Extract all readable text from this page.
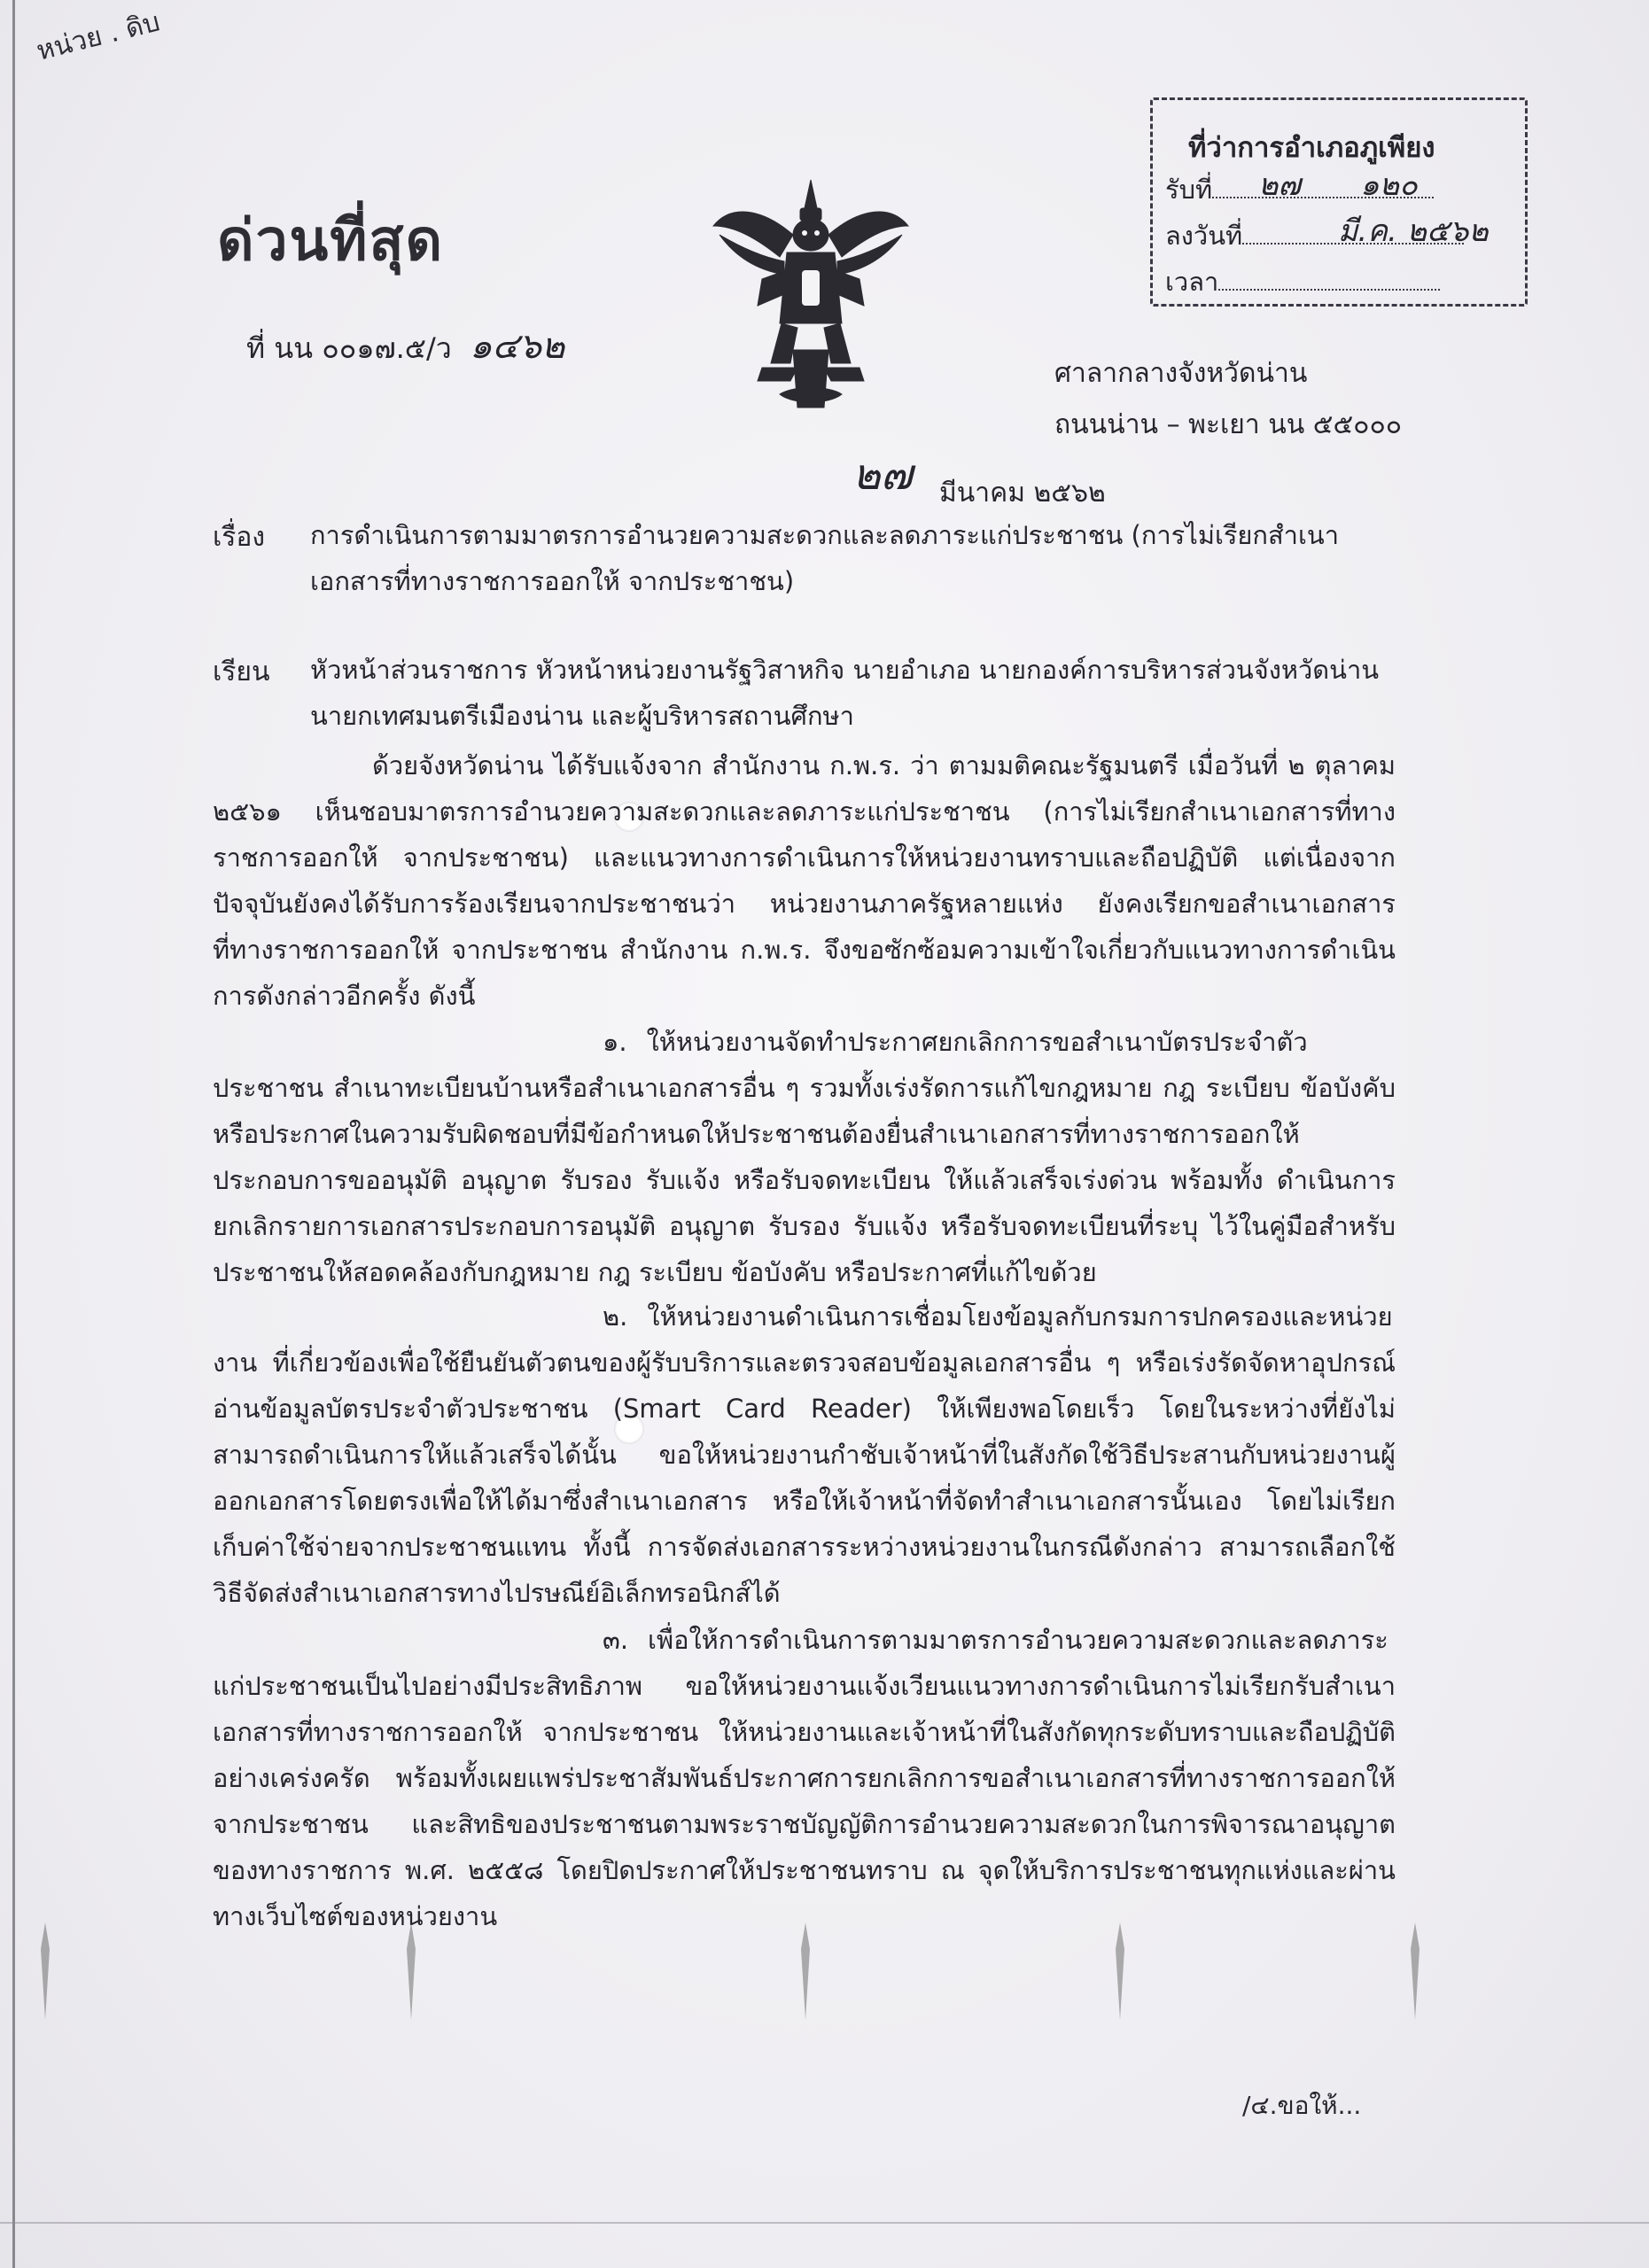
หน่วย . ดิบ
ด่วนที่สุด
ที่ นน ๐๐๑๗.๕/ว ๑๔๖๒
ที่ว่าการอำเภอภูเพียง
รับที่ ๒๗ ๑๒๐
ลงวันที่	มี.ค. ๒๕๖๒
เวลา
ศาลากลางจังหวัดน่าน
ถนนน่าน – พะเยา นน ๕๕๐๐๐
๒๗ มีนาคม ๒๕๖๒
เรื่อง การดำเนินการตามมาตรการอำนวยความสะดวกและลดภาระแก่ประชาชน (การไม่เรียกสำเนาเอกสารที่ทางราชการออกให้ จากประชาชน)
เรียน หัวหน้าส่วนราชการ หัวหน้าหน่วยงานรัฐวิสาหกิจ นายอำเภอ นายกองค์การบริหารส่วนจังหวัดน่าน นายกเทศมนตรีเมืองน่าน และผู้บริหารสถานศึกษา
ด้วยจังหวัดน่าน ได้รับแจ้งจาก สำนักงาน ก.พ.ร. ว่า ตามมติคณะรัฐมนตรี เมื่อวันที่ ๒ ตุลาคม ๒๕๖๑ เห็นชอบมาตรการอำนวยความสะดวกและลดภาระแก่ประชาชน (การไม่เรียกสำเนาเอกสารที่ทางราชการออกให้ จากประชาชน) และแนวทางการดำเนินการให้หน่วยงานทราบและถือปฏิบัติ แต่เนื่องจากปัจจุบันยังคงได้รับการร้องเรียนจากประชาชนว่า หน่วยงานภาครัฐหลายแห่ง ยังคงเรียกขอสำเนาเอกสารที่ทางราชการออกให้ จากประชาชน สำนักงาน ก.พ.ร. จึงขอซักซ้อมความเข้าใจเกี่ยวกับแนวทางการดำเนินการดังกล่าวอีกครั้ง ดังนี้
๑. ให้หน่วยงานจัดทำประกาศยกเลิกการขอสำเนาบัตรประจำตัวประชาชน สำเนาทะเบียนบ้านหรือสำเนาเอกสารอื่น ๆ รวมทั้งเร่งรัดการแก้ไขกฎหมาย กฎ ระเบียบ ข้อบังคับ หรือประกาศในความรับผิดชอบที่มีข้อกำหนดให้ประชาชนต้องยื่นสำเนาเอกสารที่ทางราชการออกให้ ประกอบการขออนุมัติ อนุญาต รับรอง รับแจ้ง หรือรับจดทะเบียน ให้แล้วเสร็จเร่งด่วน พร้อมทั้ง ดำเนินการยกเลิกรายการเอกสารประกอบการอนุมัติ อนุญาต รับรอง รับแจ้ง หรือรับจดทะเบียนที่ระบุ ไว้ในคู่มือสำหรับประชาชนให้สอดคล้องกับกฎหมาย กฎ ระเบียบ ข้อบังคับ หรือประกาศที่แก้ไขด้วย
๒. ให้หน่วยงานดำเนินการเชื่อมโยงข้อมูลกับกรมการปกครองและหน่วยงาน ที่เกี่ยวข้องเพื่อใช้ยืนยันตัวตนของผู้รับบริการและตรวจสอบข้อมูลเอกสารอื่น ๆ หรือเร่งรัดจัดหาอุปกรณ์อ่านข้อมูลบัตรประจำตัวประชาชน (Smart Card Reader) ให้เพียงพอโดยเร็ว โดยในระหว่างที่ยังไม่สามารถดำเนินการให้แล้วเสร็จได้นั้น ขอให้หน่วยงานกำชับเจ้าหน้าที่ในสังกัดใช้วิธีประสานกับหน่วยงานผู้ออกเอกสารโดยตรงเพื่อให้ได้มาซึ่งสำเนาเอกสาร หรือให้เจ้าหน้าที่จัดทำสำเนาเอกสารนั้นเอง โดยไม่เรียกเก็บค่าใช้จ่ายจากประชาชนแทน ทั้งนี้ การจัดส่งเอกสารระหว่างหน่วยงานในกรณีดังกล่าว สามารถเลือกใช้วิธีจัดส่งสำเนาเอกสารทางไปรษณีย์อิเล็กทรอนิกส์ได้
๓. เพื่อให้การดำเนินการตามมาตรการอำนวยความสะดวกและลดภาระแก่ประชาชนเป็นไปอย่างมีประสิทธิภาพ ขอให้หน่วยงานแจ้งเวียนแนวทางการดำเนินการไม่เรียกรับสำเนาเอกสารที่ทางราชการออกให้ จากประชาชน ให้หน่วยงานและเจ้าหน้าที่ในสังกัดทุกระดับทราบและถือปฏิบัติอย่างเคร่งครัด พร้อมทั้งเผยแพร่ประชาสัมพันธ์ประกาศการยกเลิกการขอสำเนาเอกสารที่ทางราชการออกให้ จากประชาชน และสิทธิของประชาชนตามพระราชบัญญัติการอำนวยความสะดวกในการพิจารณาอนุญาตของทางราชการ พ.ศ. ๒๕๕๘ โดยปิดประกาศให้ประชาชนทราบ ณ จุดให้บริการประชาชนทุกแห่งและผ่านทางเว็บไซต์ของหน่วยงาน
/๔.ขอให้...
